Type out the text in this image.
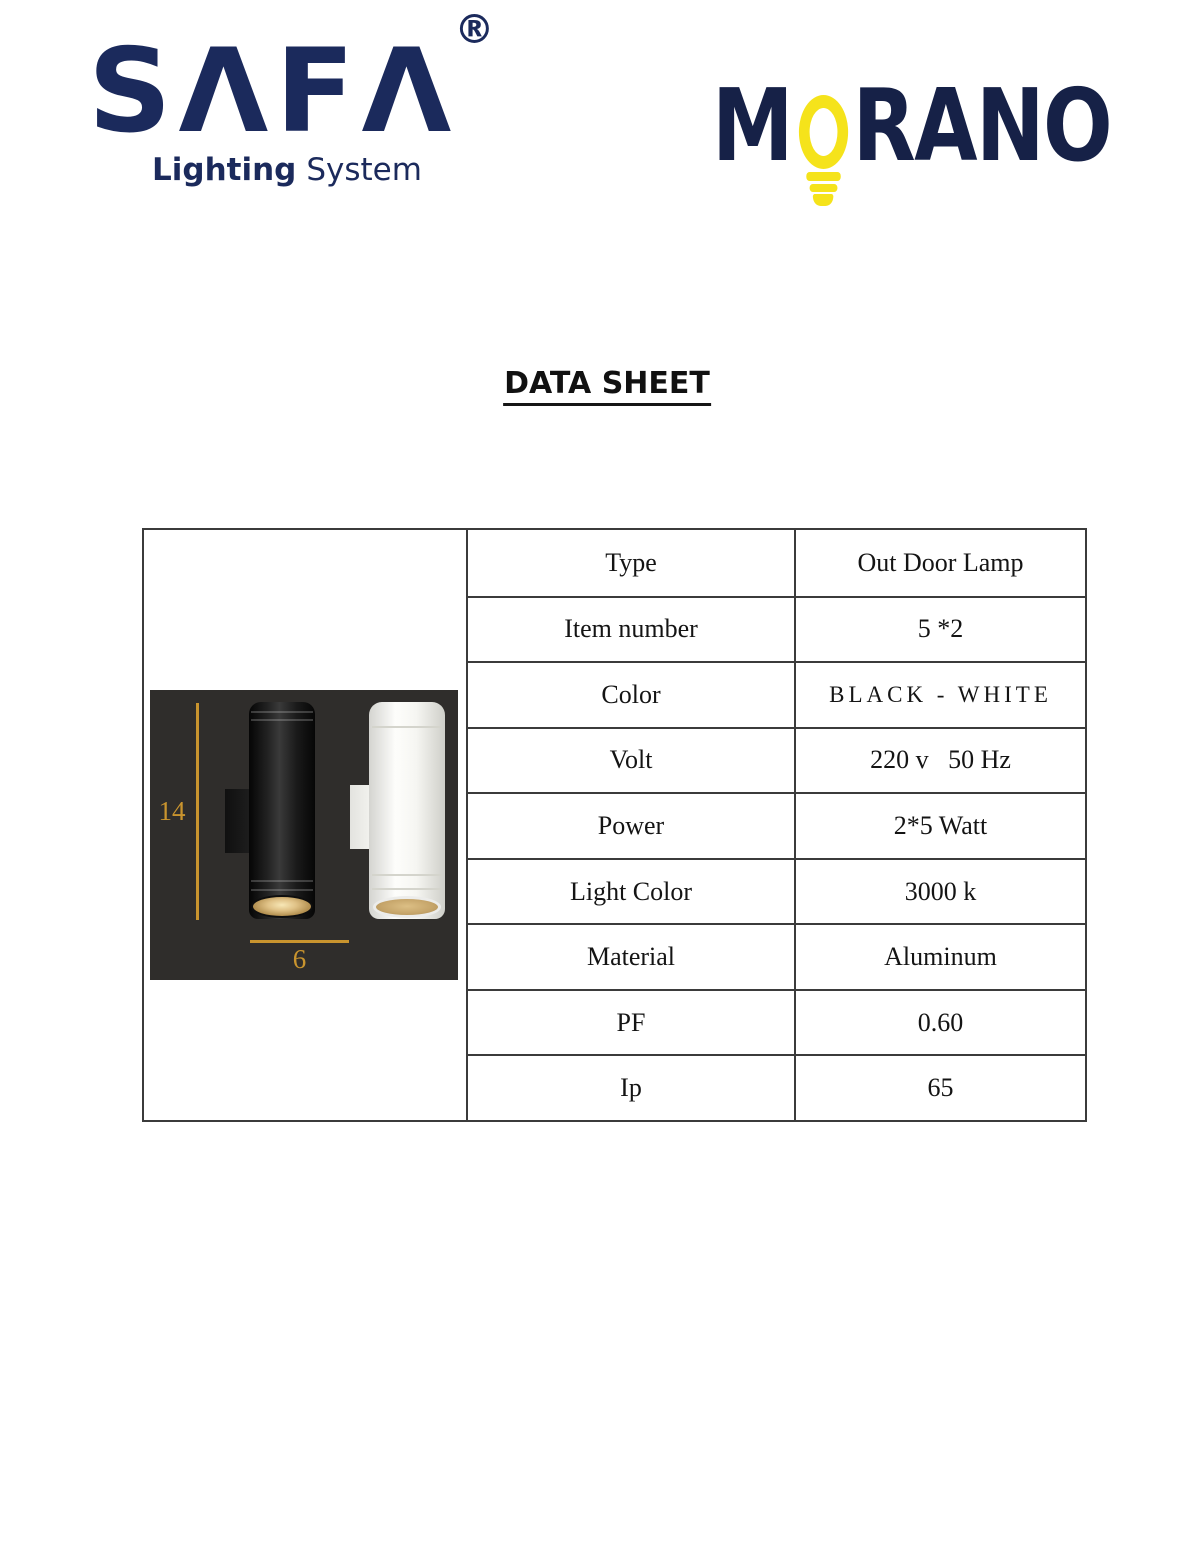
SΛFΛ®
Lighting System	M RANO
DATA SHEET
14
6
Type	Out Door Lamp
Item number	5 *2
Color	BLACK - WHITE
Volt	220 v   50 Hz
Power	2*5 Watt
Light Color	3000 k
Material	Aluminum
PF	0.60
Ip	65
